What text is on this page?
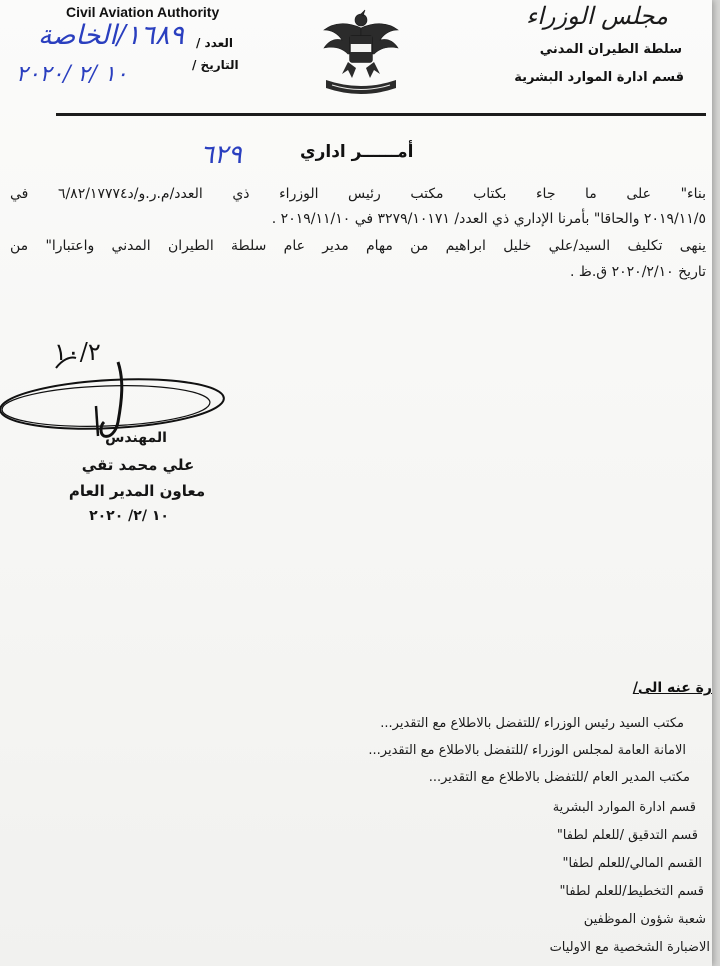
Civil Aviation Authority
العدد /
١٦٨٩/الخاصة
التاريخ /
١٠ /٢ /٢٠٢٠
مجلس الوزراء
سلطة الطيران المدني
قسم ادارة الموارد البشرية
أمــــــر اداري
٦٢٩
بناء" على ما جاء بكتاب مكتب رئيس الوزراء ذي العدد/م.ر.و/د٦/٨٢/١٧٧٧٤ في
٢٠١٩/١١/٥ والحاقا" بأمرنا الإداري ذي العدد/ ٣٢٧٩/١٠١٧١ في ٢٠١٩/١١/١٠ .
ينهى تكليف السيد/علي خليل ابراهيم من مهام مدير عام سلطة الطيران المدني واعتبارا" من
تاريخ ٢٠٢٠/٢/١٠ ق.ظ .
١٠/٢
المهندس
علي محمد تقي
معاون المدير العام
١٠ /٢/ ٢٠٢٠
رة عنه الى/
مكتب السيد رئيس الوزراء /للتفضل بالاطلاع مع التقدير...
الامانة العامة لمجلس الوزراء /للتفضل بالاطلاع مع التقدير...
مكتب المدير العام /للتفضل بالاطلاع مع التقدير...
قسم ادارة الموارد البشرية
قسم التدقيق /للعلم لطفا"
القسم المالي/للعلم لطفا"
قسم التخطيط/للعلم لطفا"
شعبة شؤون الموظفين
الاضبارة الشخصية مع الاوليات
